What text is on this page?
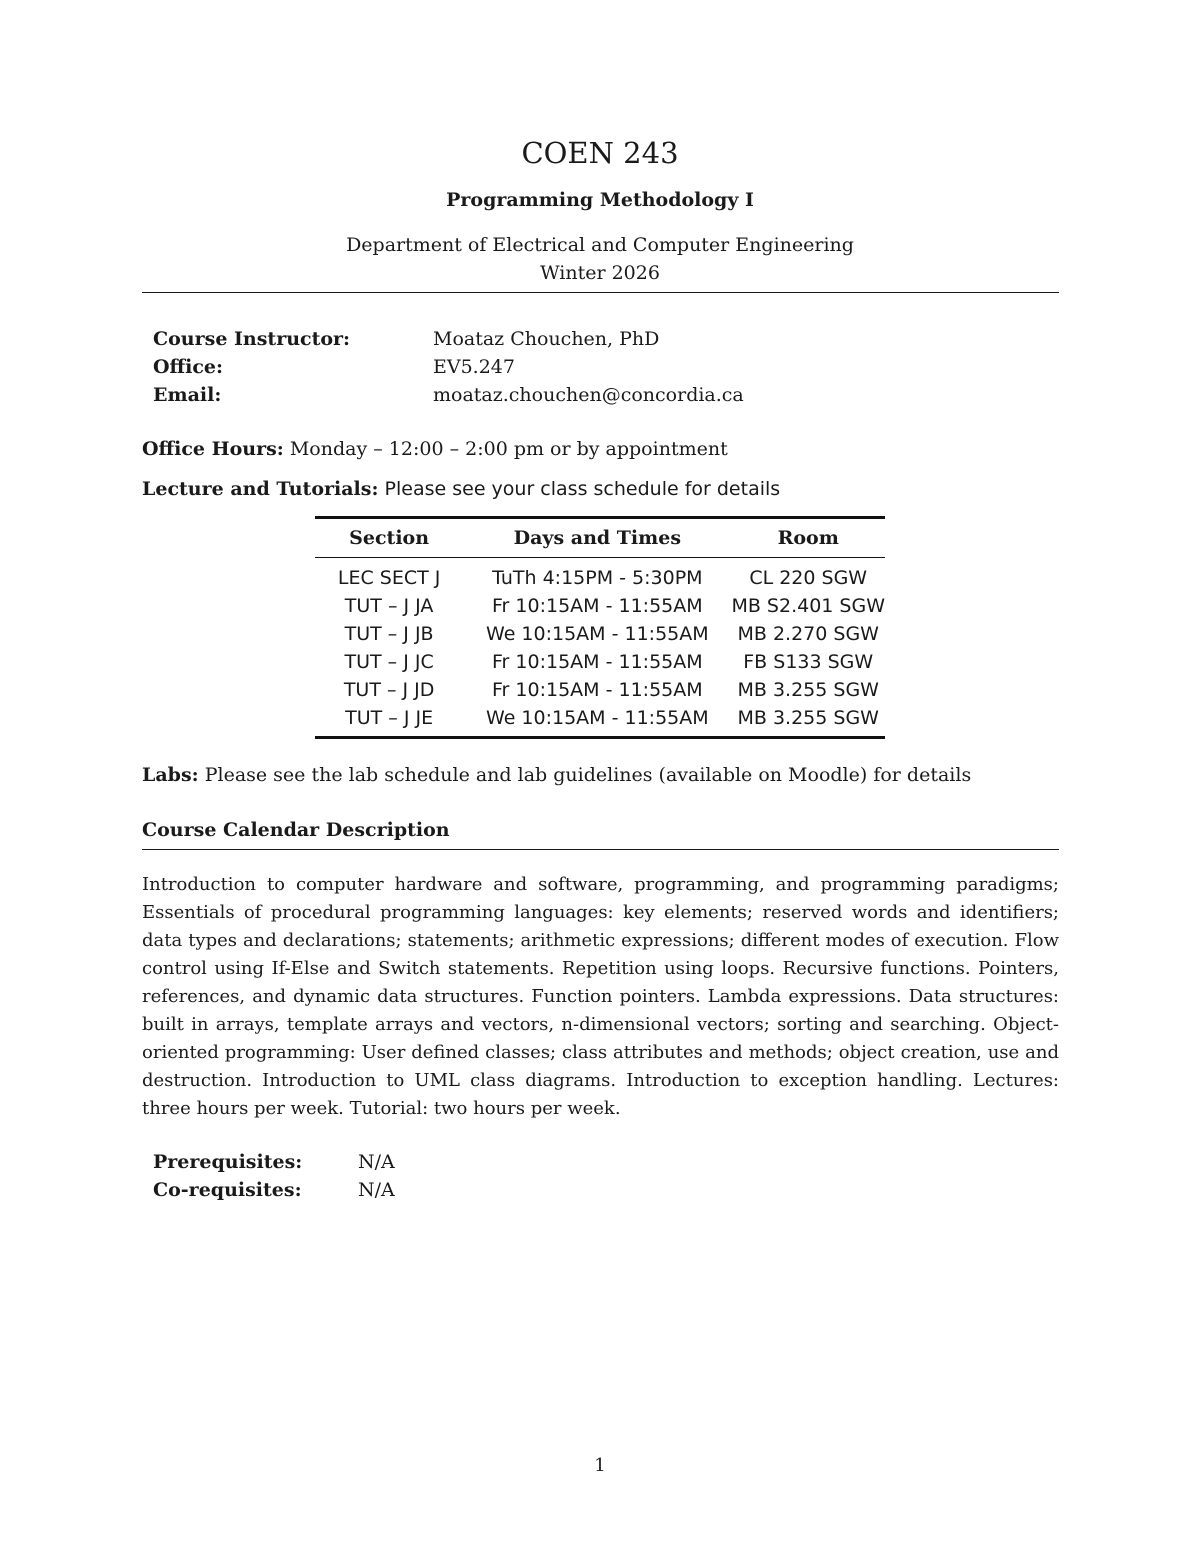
COEN 243
Programming Methodology I
Department of Electrical and Computer Engineering
Winter 2026
Course Instructor:	Moataz Chouchen, PhD
Office:	EV5.247
Email:	moataz.chouchen@concordia.ca
Office Hours: Monday – 12:00 – 2:00 pm or by appointment
Lecture and Tutorials: Please see your class schedule for details
Section	Days and Times	Room
LEC SECT J	TuTh 4:15PM - 5:30PM	CL 220 SGW
TUT – J JA	Fr 10:15AM - 11:55AM	MB S2.401 SGW
TUT – J JB	We 10:15AM - 11:55AM	MB 2.270 SGW
TUT – J JC	Fr 10:15AM - 11:55AM	FB S133 SGW
TUT – J JD	Fr 10:15AM - 11:55AM	MB 3.255 SGW
TUT – J JE	We 10:15AM - 11:55AM	MB 3.255 SGW
Labs: Please see the lab schedule and lab guidelines (available on Moodle) for details
Course Calendar Description
Introduction to computer hardware and software, programming, and programming paradigms; Essentials of procedural programming languages: key elements; reserved words and identifiers; data types and declarations; statements; arithmetic expressions; different modes of execution. Flow control using If-Else and Switch statements. Repetition using loops. Recursive functions. Pointers, references, and dynamic data structures. Function pointers. Lambda expressions. Data structures: built in arrays, template arrays and vectors, n-dimensional vectors; sorting and searching. Object-oriented programming: User defined classes; class attributes and methods; object creation, use and destruction. Introduction to UML class diagrams. Introduction to exception handling. Lectures: three hours per week. Tutorial: two hours per week.
Prerequisites:	N/A
Co-requisites:	N/A
1
